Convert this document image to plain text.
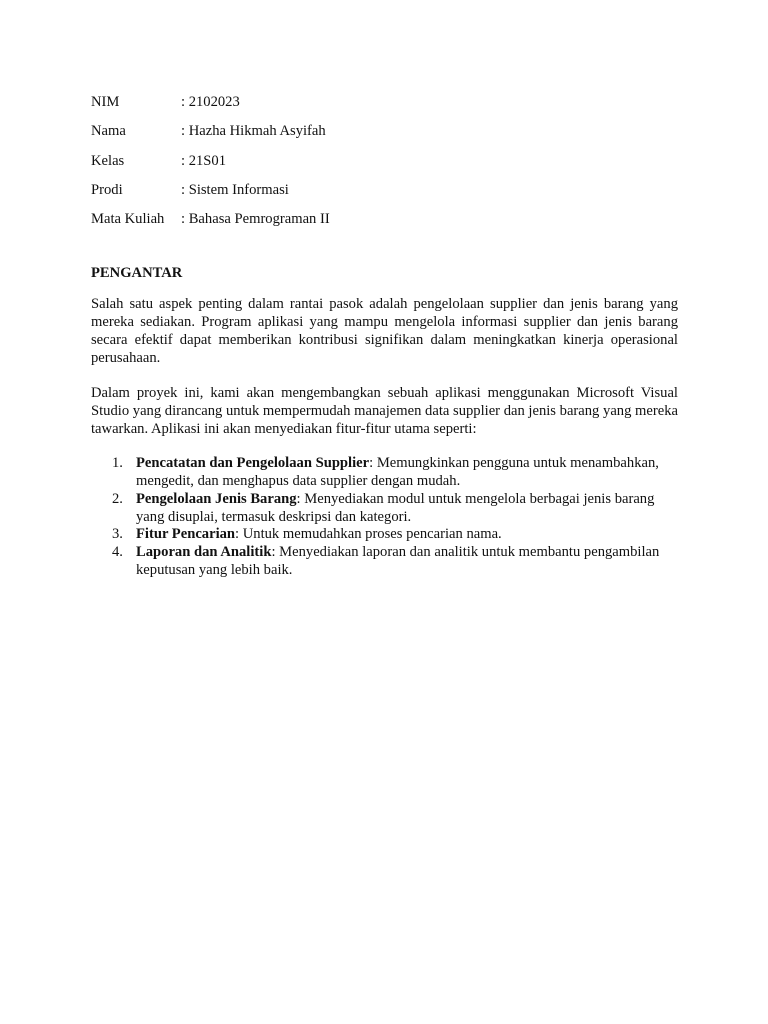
NIM	: 2102023
Nama	: Hazha Hikmah Asyifah
Kelas	: 21S01
Prodi	: Sistem Informasi
Mata Kuliah	: Bahasa Pemrograman II
PENGANTAR

Salah satu aspek penting dalam rantai pasok adalah pengelolaan supplier dan jenis barang yang mereka sediakan. Program aplikasi yang mampu mengelola informasi supplier dan jenis barang secara efektif dapat memberikan kontribusi signifikan dalam meningkatkan kinerja operasional perusahaan.

Dalam proyek ini, kami akan mengembangkan sebuah aplikasi menggunakan Microsoft Visual Studio yang dirancang untuk mempermudah manajemen data supplier dan jenis barang yang mereka tawarkan. Aplikasi ini akan menyediakan fitur-fitur utama seperti:

1. Pencatatan dan Pengelolaan Supplier: Memungkinkan pengguna untuk menambahkan, mengedit, dan menghapus data supplier dengan mudah.
2. Pengelolaan Jenis Barang: Menyediakan modul untuk mengelola berbagai jenis barang yang disuplai, termasuk deskripsi dan kategori.
3. Fitur Pencarian: Untuk memudahkan proses pencarian nama.
4. Laporan dan Analitik: Menyediakan laporan dan analitik untuk membantu pengambilan keputusan yang lebih baik.
